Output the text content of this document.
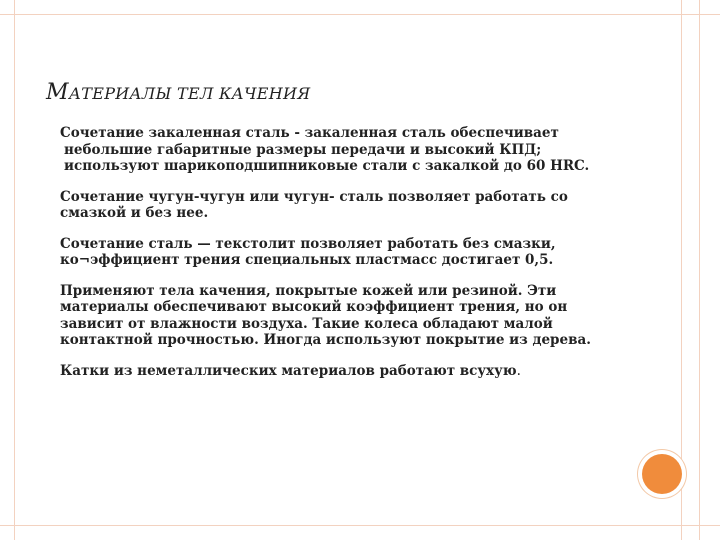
МАТЕРИАЛЫ ТЕЛ КАЧЕНИЯ

Сочетание закаленная сталь - закаленная сталь обеспечивает небольшие габаритные размеры передачи и высокий КПД; используют шарикоподшипниковые стали с закалкой до 60 HRC.

Сочетание чугун-чугун или чугун- сталь позволяет работать со смазкой и без нее.

Сочетание сталь — текстолит позволяет работать без смазки, ко¬эффициент трения специальных пластмасс достигает 0,5.

Применяют тела качения, покрытые кожей или резиной. Эти материалы обеспечивают высокий коэффициент трения, но он зависит от влажности воздуха. Такие колеса обладают малой контактной прочностью. Иногда используют покрытие из дерева.

Катки из неметаллических материалов работают всухую.
